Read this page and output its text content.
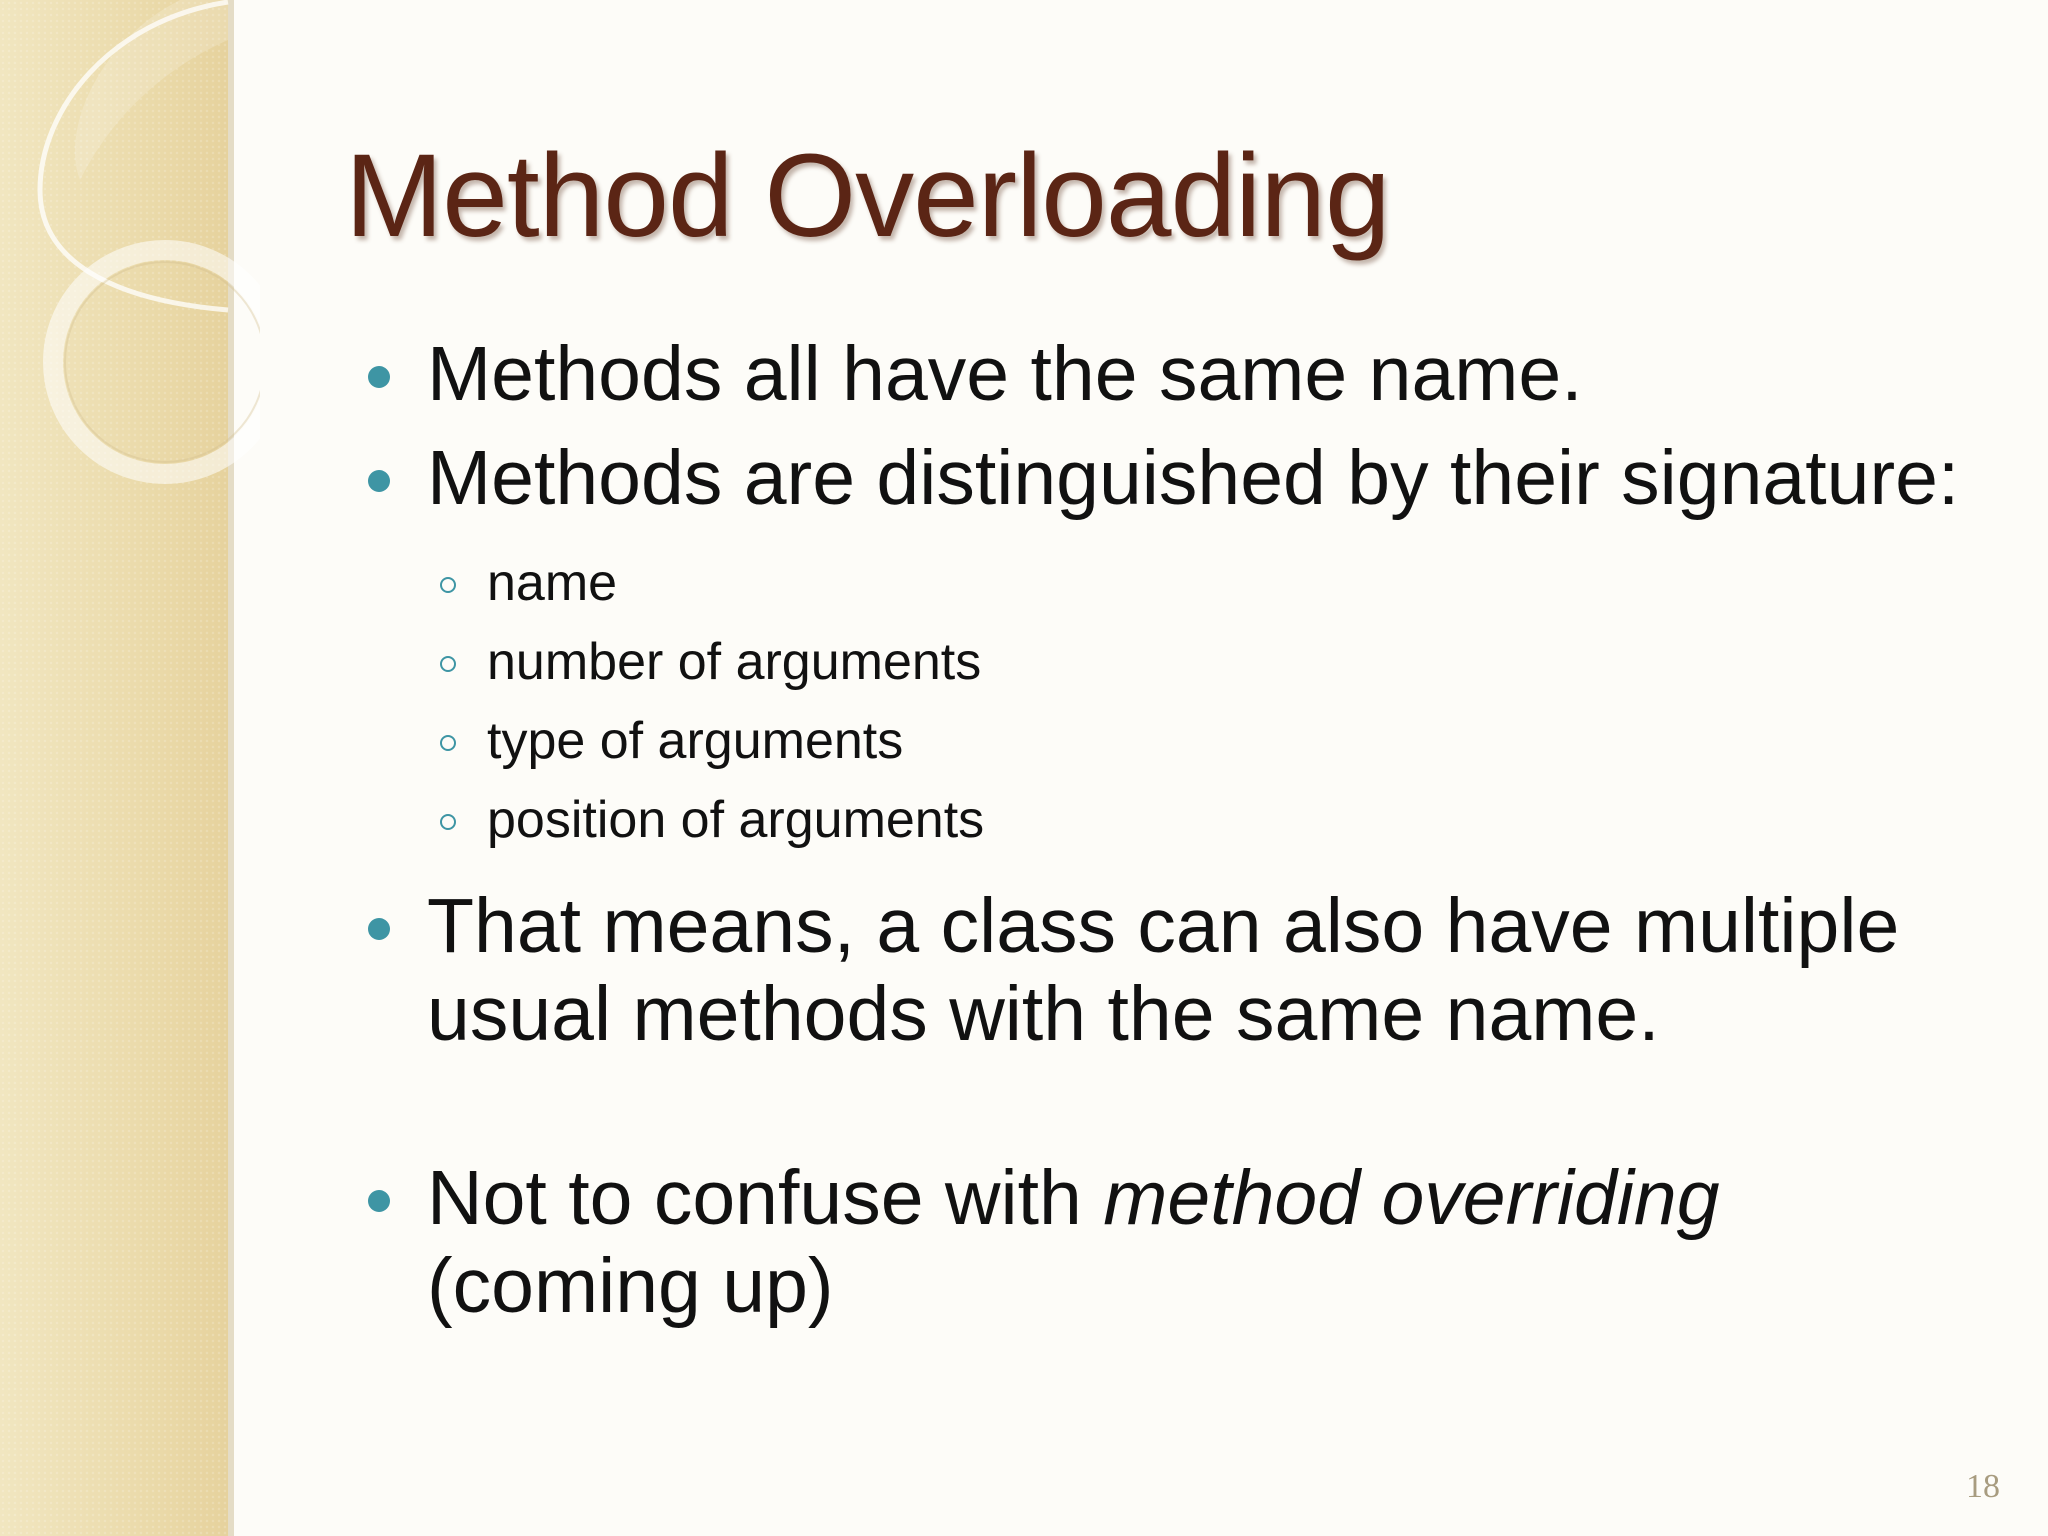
Method Overloading
Methods all have the same name.
Methods are distinguished by their signature:
name
number of arguments
type of arguments
position of arguments
That means, a class can also have multiple usual methods with the same name.
Not to confuse with method overriding (coming up)
18
